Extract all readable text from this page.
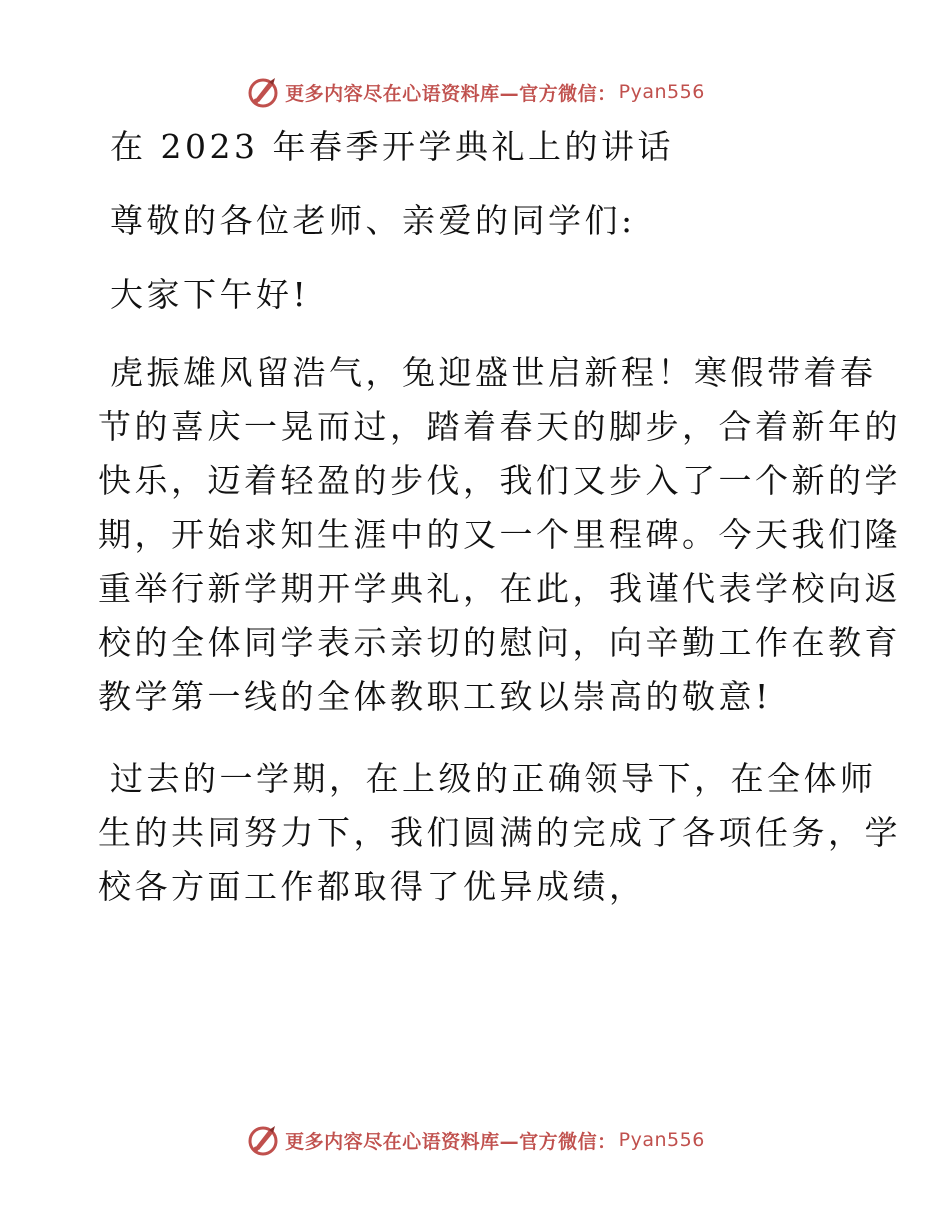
更多内容尽在心语资料库—官方微信： Pyan556

在 2023 年春季开学典礼上的讲话

尊敬的各位老师、亲爱的同学们:

大家下午好!

虎振雄风留浩气，兔迎盛世启新程！寒假带着春

节的喜庆一晃而过，踏着春天的脚步，合着新年的

快乐，迈着轻盈的步伐，我们又步入了一个新的学

期，开始求知生涯中的又一个里程碑。今天我们隆

重举行新学期开学典礼，在此，我谨代表学校向返

校的全体同学表示亲切的慰问，向辛勤工作在教育

教学第一线的全体教职工致以崇高的敬意!

过去的一学期，在上级的正确领导下，在全体师

生的共同努力下，我们圆满的完成了各项任务，学

校各方面工作都取得了优异成绩，

更多内容尽在心语资料库—官方微信： Pyan556
